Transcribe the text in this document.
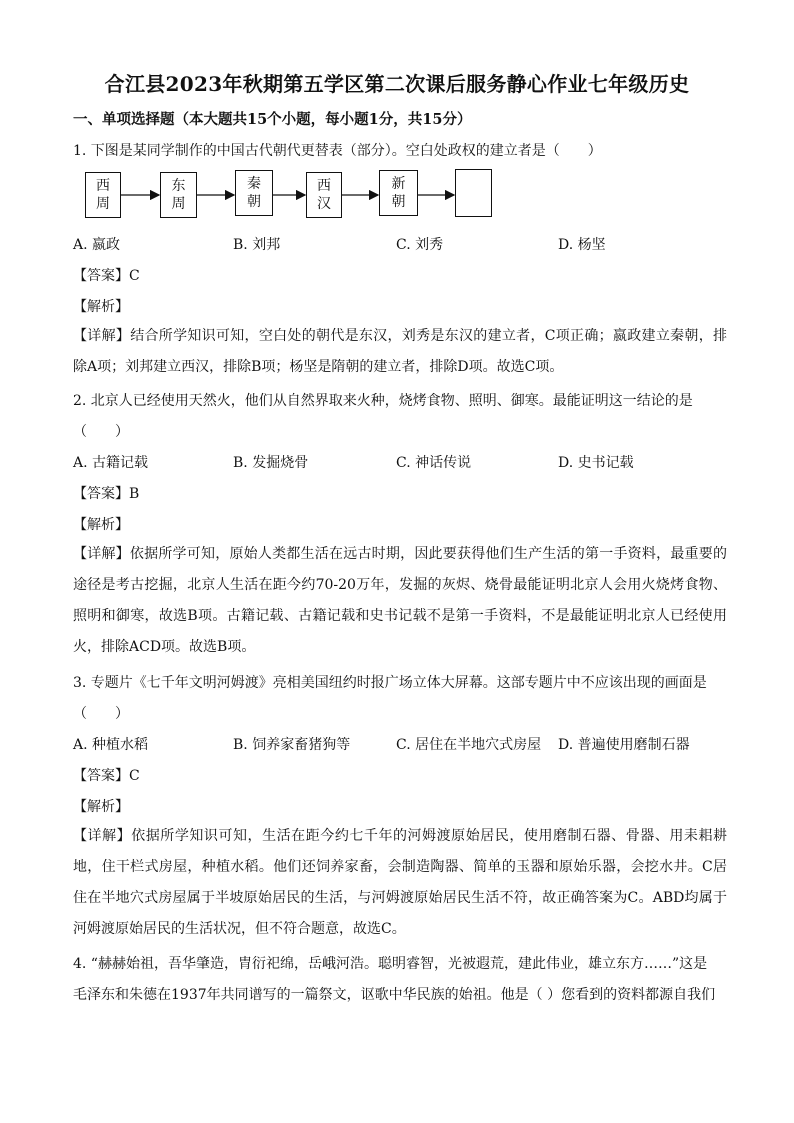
合江县2023年秋期第五学区第二次课后服务静心作业七年级历史
一、单项选择题（本大题共15个小题，每小题1分，共15分）
1. 下图是某同学制作的中国古代朝代更替表（部分）。空白处政权的建立者是（　　）
西周
东周
秦朝
西汉
新朝
A. 嬴政	B. 刘邦	C. 刘秀	D. 杨坚
【答案】C
【解析】
【详解】结合所学知识可知，空白处的朝代是东汉，刘秀是东汉的建立者，C项正确；嬴政建立秦朝，排除A项；刘邦建立西汉，排除B项；杨坚是隋朝的建立者，排除D项。故选C项。
2. 北京人已经使用天然火，他们从自然界取来火种，烧烤食物、照明、御寒。最能证明这一结论的是
（　　）
A. 古籍记载	B. 发掘烧骨	C. 神话传说	D. 史书记载
【答案】B
【解析】
【详解】依据所学可知，原始人类都生活在远古时期，因此要获得他们生产生活的第一手资料，最重要的途径是考古挖掘，北京人生活在距今约70-20万年，发掘的灰烬、烧骨最能证明北京人会用火烧烤食物、照明和御寒，故选B项。古籍记载、古籍记载和史书记载不是第一手资料，不是最能证明北京人已经使用火，排除ACD项。故选B项。
3. 专题片《七千年文明河姆渡》亮相美国纽约时报广场立体大屏幕。这部专题片中不应该出现的画面是
（　　）
A. 种植水稻	B. 饲养家畜猪狗等	C. 居住在半地穴式房屋 D. 普遍使用磨制石器
【答案】C
【解析】
【详解】依据所学知识可知，生活在距今约七千年的河姆渡原始居民，使用磨制石器、骨器、用耒耜耕地，住干栏式房屋，种植水稻。他们还饲养家畜，会制造陶器、简单的玉器和原始乐器，会挖水井。C居住在半地穴式房屋属于半坡原始居民的生活，与河姆渡原始居民生活不符，故正确答案为C。ABD均属于河姆渡原始居民的生活状况，但不符合题意，故选C。
4. “赫赫始祖，吾华肇造，胄衍祀绵，岳峨河浩。聪明睿智，光被遐荒，建此伟业，雄立东方……”这是
毛泽东和朱德在1937年共同谱写的一篇祭文，讴歌中华民族的始祖。他是（ ）您看到的资料都源自我们
